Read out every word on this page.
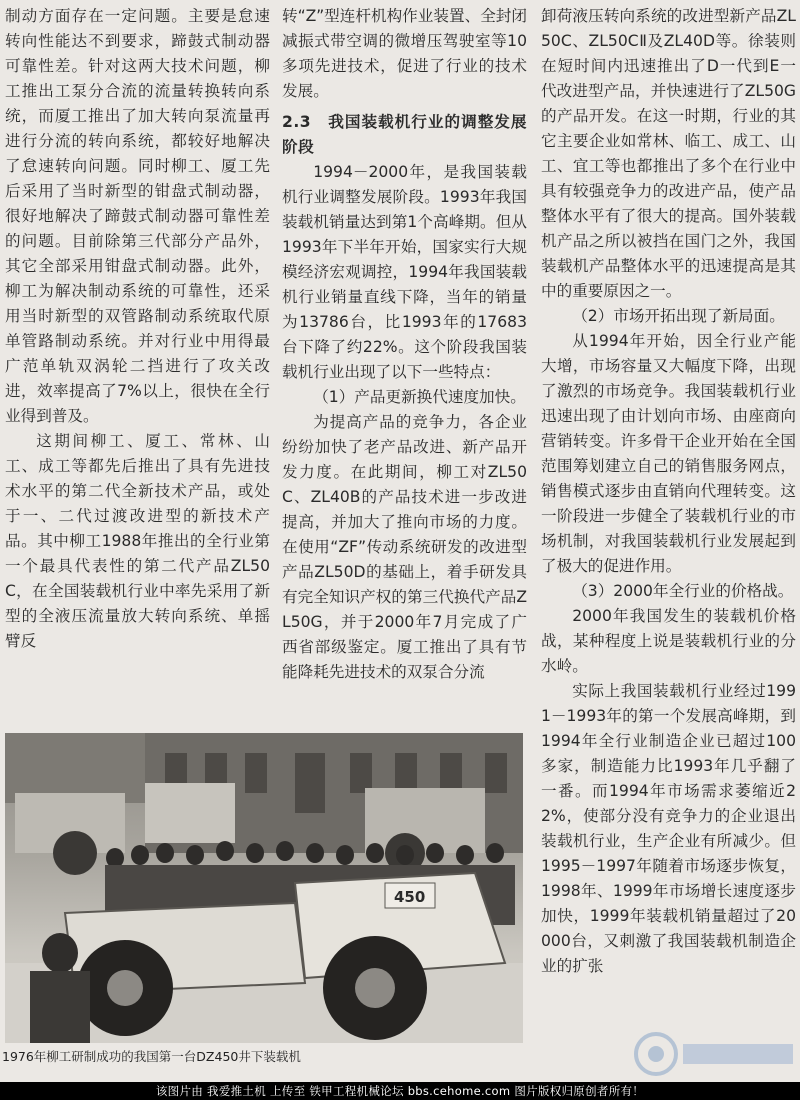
制动方面存在一定问题。主要是怠速转向性能达不到要求，蹄鼓式制动器可靠性差。针对这两大技术问题，柳工推出工泵分合流的流量转换转向系统，而厦工推出了加大转向泵流量再进行分流的转向系统，都较好地解决了怠速转向问题。同时柳工、厦工先后采用了当时新型的钳盘式制动器，很好地解决了蹄鼓式制动器可靠性差的问题。目前除第三代部分产品外，其它全部采用钳盘式制动器。此外，柳工为解决制动系统的可靠性，还采用当时新型的双管路制动系统取代原单管路制动系统。并对行业中用得最广范单轨双涡轮二挡进行了攻关改进，效率提高了7%以上，很快在全行业得到普及。

这期间柳工、厦工、常林、山工、成工等都先后推出了具有先进技术水平的第二代全新技术产品，或处于一、二代过渡改进型的新技术产品。其中柳工1988年推出的全行业第一个最具代表性的第二代产品ZL50C，在全国装载机行业中率先采用了新型的全液压流量放大转向系统、单摇臂反

转“Z”型连杆机构作业装置、全封闭减振式带空调的微增压驾驶室等10多项先进技术，促进了行业的技术发展。

2.3　我国装载机行业的调整发展阶段

1994－2000年，是我国装载机行业调整发展阶段。1993年我国装载机销量达到第1个高峰期。但从1993年下半年开始，国家实行大规模经济宏观调控，1994年我国装载机行业销量直线下降，当年的销量为13786台，比1993年的17683台下降了约22%。这个阶段我国装载机行业出现了以下一些特点：

（1）产品更新换代速度加快。

为提高产品的竞争力，各企业纷纷加快了老产品改进、新产品开发力度。在此期间，柳工对ZL50C、ZL40B的产品技术进一步改进提高，并加大了推向市场的力度。在使用“ZF”传动系统研发的改进型产品ZL50D的基础上，着手研发具有完全知识产权的第三代换代产品ZL50G，并于2000年7月完成了广西省部级鉴定。厦工推出了具有节能降耗先进技术的双泵合分流

卸荷液压转向系统的改进型新产品ZL50C、ZL50CⅡ及ZL40D等。徐装则在短时间内迅速推出了D一代到E一代改进型产品，并快速进行了ZL50G的产品开发。在这一时期，行业的其它主要企业如常林、临工、成工、山工、宜工等也都推出了多个在行业中具有较强竞争力的改进产品，使产品整体水平有了很大的提高。国外装载机产品之所以被挡在国门之外，我国装载机产品整体水平的迅速提高是其中的重要原因之一。

（2）市场开拓出现了新局面。

从1994年开始，因全行业产能大增，市场容量又大幅度下降，出现了激烈的市场竞争。我国装载机行业迅速出现了由计划向市场、由座商向营销转变。许多骨干企业开始在全国范围筹划建立自己的销售服务网点，销售模式逐步由直销向代理转变。这一阶段进一步健全了装载机行业的市场机制，对我国装载机行业发展起到了极大的促进作用。

（3）2000年全行业的价格战。

2000年我国发生的装载机价格战，某种程度上说是装载机行业的分水岭。

实际上我国装载机行业经过1991－1993年的第一个发展高峰期，到1994年全行业制造企业已超过100多家，制造能力比1993年几乎翻了一番。而1994年市场需求萎缩近22%，使部分没有竞争力的企业退出装载机行业，生产企业有所减少。但1995－1997年随着市场逐步恢复，1998年、1999年市场增长速度逐步加快，1999年装载机销量超过了20000台，又刺激了我国装载机制造企业的扩张

450
1976年柳工研制成功的我国第一台DZ450井下装载机
该图片由 我爱推土机 上传至 铁甲工程机械论坛 bbs.cehome.com 图片版权归原创者所有！
